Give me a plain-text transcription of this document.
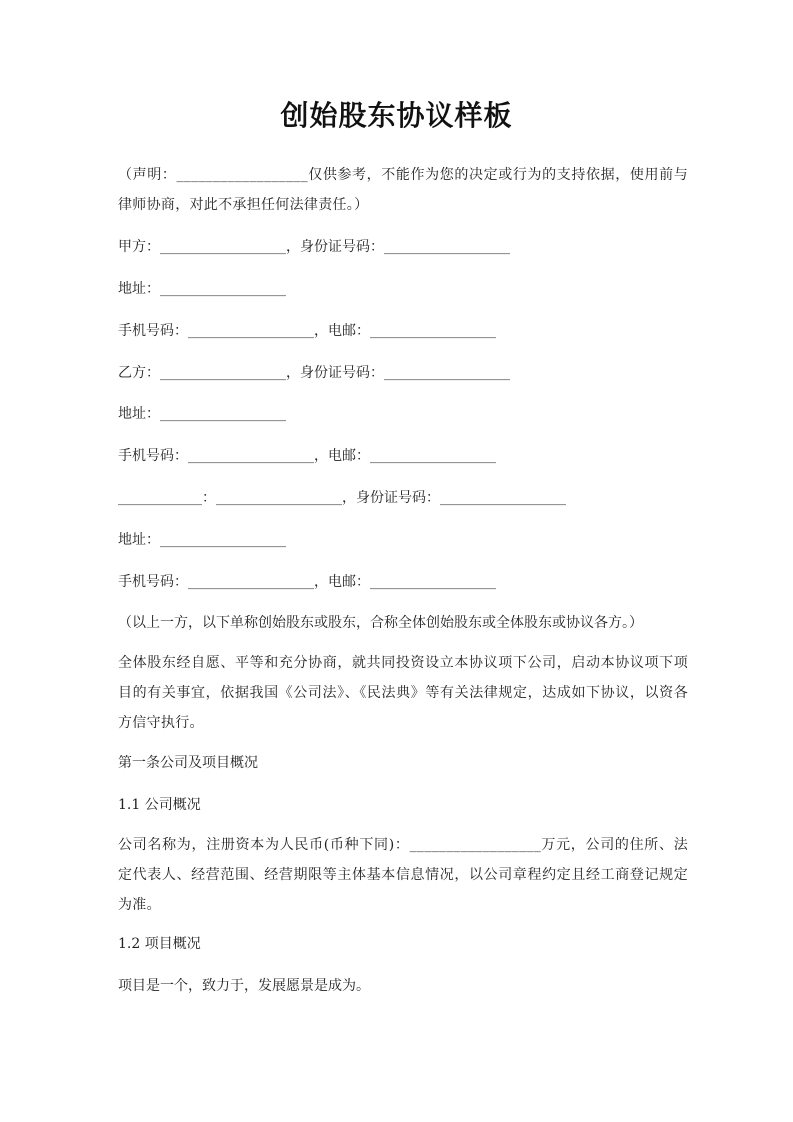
创始股东协议样板
（声明：__________________仅供参考，不能作为您的决定或行为的支持依据，使用前与律师协商，对此不承担任何法律责任。）
甲方：__________________，身份证号码：__________________
地址：__________________
手机号码：__________________，电邮：__________________
乙方：__________________，身份证号码：__________________
地址：__________________
手机号码：__________________，电邮：__________________
____________：__________________，身份证号码：__________________
地址：__________________
手机号码：__________________，电邮：__________________
（以上一方，以下单称创始股东或股东，合称全体创始股东或全体股东或协议各方。）
全体股东经自愿、平等和充分协商，就共同投资设立本协议项下公司，启动本协议项下项目的有关事宜，依据我国《公司法》、《民法典》等有关法律规定，达成如下协议，以资各方信守执行。
第一条公司及项目概况
1.1 公司概况
公司名称为，注册资本为人民币(币种下同)：__________________万元，公司的住所、法定代表人、经营范围、经营期限等主体基本信息情况，以公司章程约定且经工商登记规定为准。
1.2 项目概况
项目是一个，致力于，发展愿景是成为。
